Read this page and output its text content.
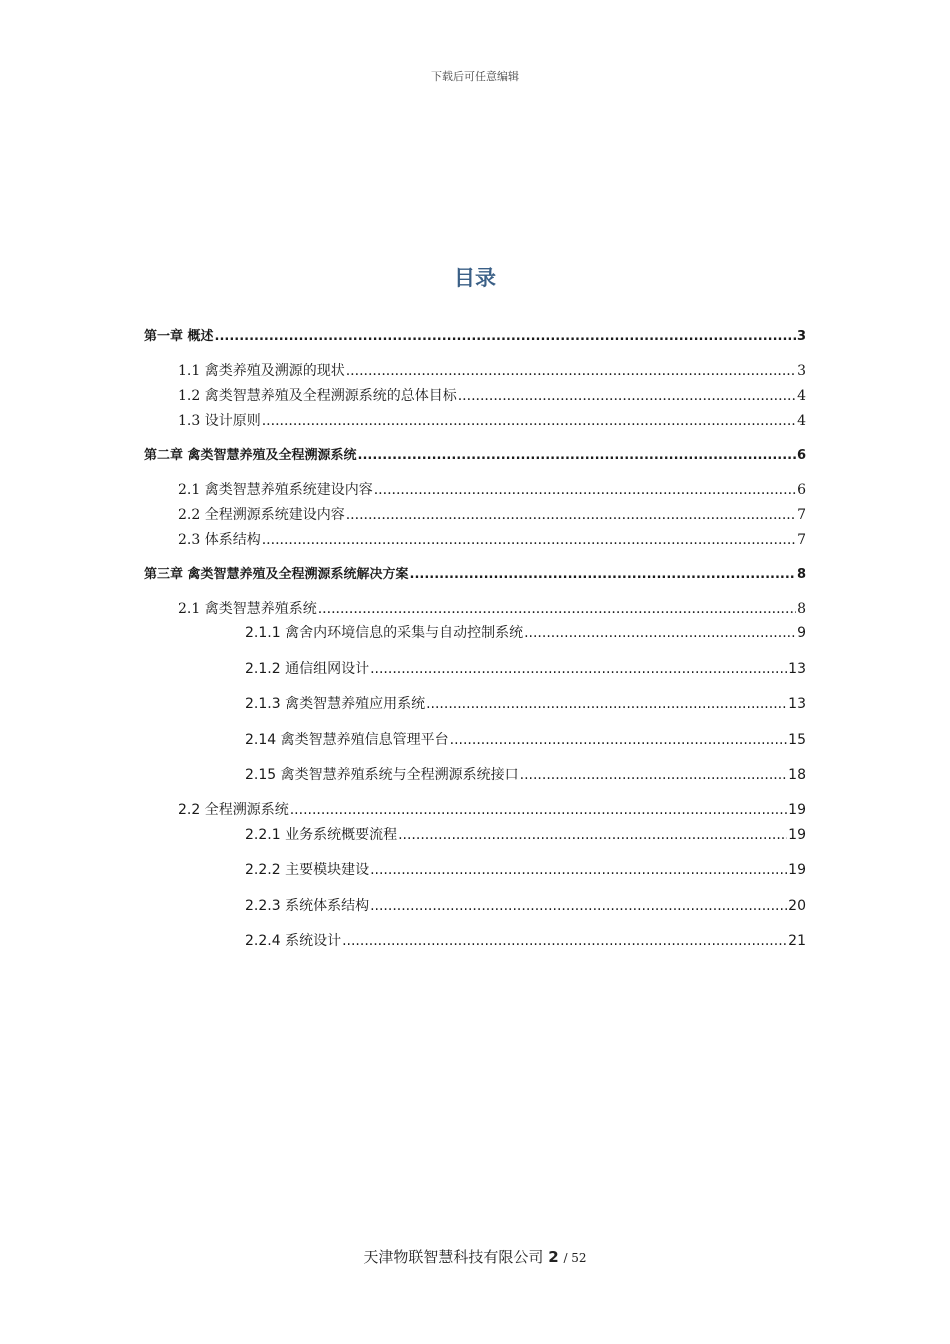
下载后可任意编辑
目录
第一章 概述 .....	3
1.1 禽类养殖及溯源的现状 .....	3
1.2 禽类智慧养殖及全程溯源系统的总体目标 .....	4
1.3 设计原则 .....	4
第二章 禽类智慧养殖及全程溯源系统 .....	6
2.1 禽类智慧养殖系统建设内容 .....	6
2.2 全程溯源系统建设内容 .....	7
2.3 体系结构 .....	7
第三章 禽类智慧养殖及全程溯源系统解决方案 .....	8
2.1 禽类智慧养殖系统 .....	8
2.1.1 禽舍内环境信息的采集与自动控制系统 .....	9
2.1.2 通信组网设计 .....	13
2.1.3 禽类智慧养殖应用系统 .....	13
2.14 禽类智慧养殖信息管理平台 .....	15
2.15 禽类智慧养殖系统与全程溯源系统接口 .....	18
2.2 全程溯源系统 .....	19
2.2.1 业务系统概要流程 .....	19
2.2.2 主要模块建设 .....	19
2.2.3 系统体系结构 .....	20
2.2.4 系统设计 .....	21
天津物联智慧科技有限公司 2 / 52
